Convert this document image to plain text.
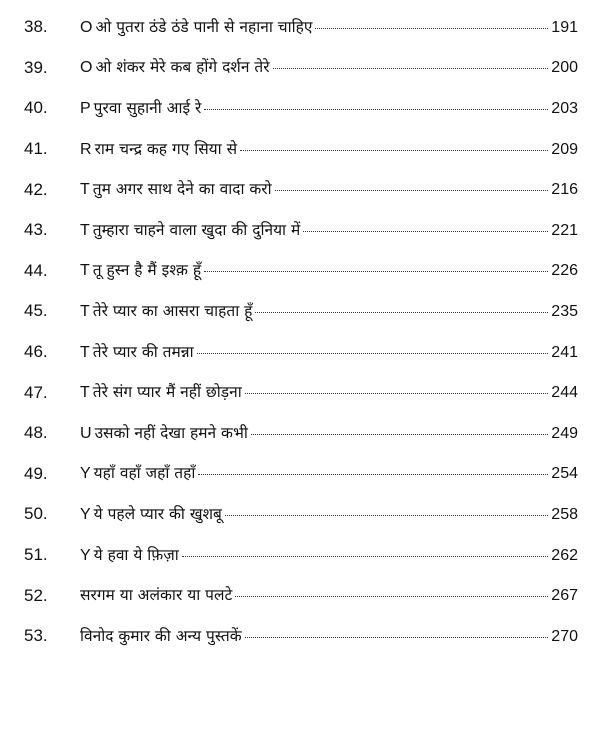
38.	O ओ पुतरा ठंडे ठंडे पानी से नहाना चाहिए	191
39.	O ओ शंकर मेरे कब होंगे दर्शन तेरे	200
40.	P पुरवा सुहानी आई रे	203
41.	R राम चन्द्र कह गए सिया से	209
42.	T तुम अगर साथ देने का वादा करो	216
43.	T तुम्हारा चाहने वाला खुदा की दुनिया में	221
44.	T तू हुस्न है मैं इश्क़ हूँ	226
45.	T तेरे प्यार का आसरा चाहता हूँ	235
46.	T तेरे प्यार की तमन्ना	241
47.	T तेरे संग प्यार मैं नहीं छोड़ना	244
48.	U उसको नहीं देखा हमने कभी	249
49.	Y यहाँ वहाँ जहाँ तहाँ	254
50.	Y ये पहले प्यार की खुशबू	258
51.	Y ये हवा ये फ़िज़ा	262
52.	सरगम या अलंकार या पलटे	267
53.	विनोद कुमार की अन्य पुस्तकें	270
